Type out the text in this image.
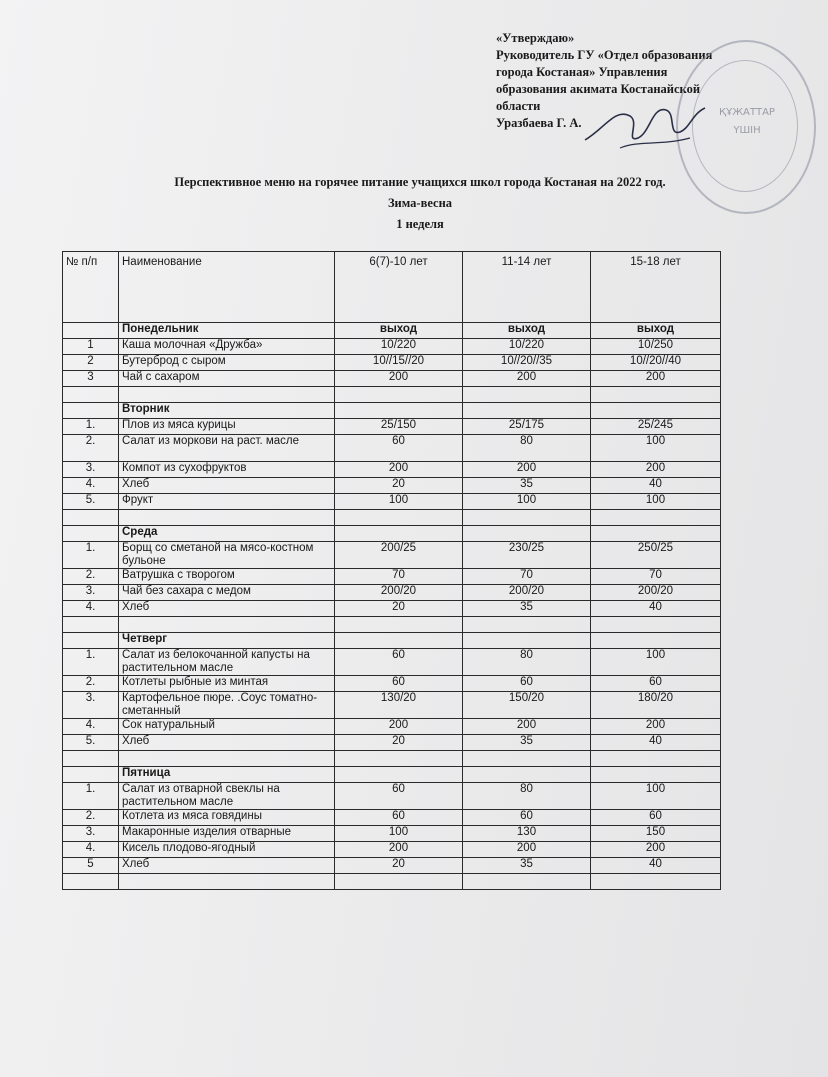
«Утверждаю»
Руководитель ГУ «Отдел образования
города Костаная» Управления
образования акимата Костанайской
области
Уразбаева Г. А.
ҚҰЖАТТАР ҮШІН
Перспективное меню на горячее питание учащихся школ города Костаная на 2022 год.
Зима-весна
1 неделя
№ п/п	Наименование	6(7)-10 лет	11-14 лет	15-18 лет
	Понедельник	выход	выход	выход
1	Каша молочная «Дружба»	10/220	10/220	10/250
2	Бутерброд с сыром	10//15//20	10//20//35	10//20//40
3	Чай с сахаром	200	200	200

	Вторник			
1.	Плов из мяса курицы	25/150	25/175	25/245
2.	Салат из моркови на раст. масле	60	80	100
3.	Компот из сухофруктов	200	200	200
4.	Хлеб	20	35	40
5.	Фрукт	100	100	100

	Среда			
1.	Борщ со сметаной на мясо-костном бульоне	200/25	230/25	250/25
2.	Ватрушка с творогом	70	70	70
3.	Чай без сахара с медом	200/20	200/20	200/20
4.	Хлеб	20	35	40

	Четверг			
1.	Салат из белокочанной капусты на растительном масле	60	80	100
2.	Котлеты рыбные из минтая	60	60	60
3.	Картофельное пюре. .Соус томатно-сметанный	130/20	150/20	180/20
4.	Сок натуральный	200	200	200
5.	Хлеб	20	35	40

	Пятница			
1.	Салат из отварной свеклы на растительном масле	60	80	100
2.	Котлета из мяса говядины	60	60	60
3.	Макаронные изделия отварные	100	130	150
4.	Кисель плодово-ягодный	200	200	200
5	Хлеб	20	35	40
